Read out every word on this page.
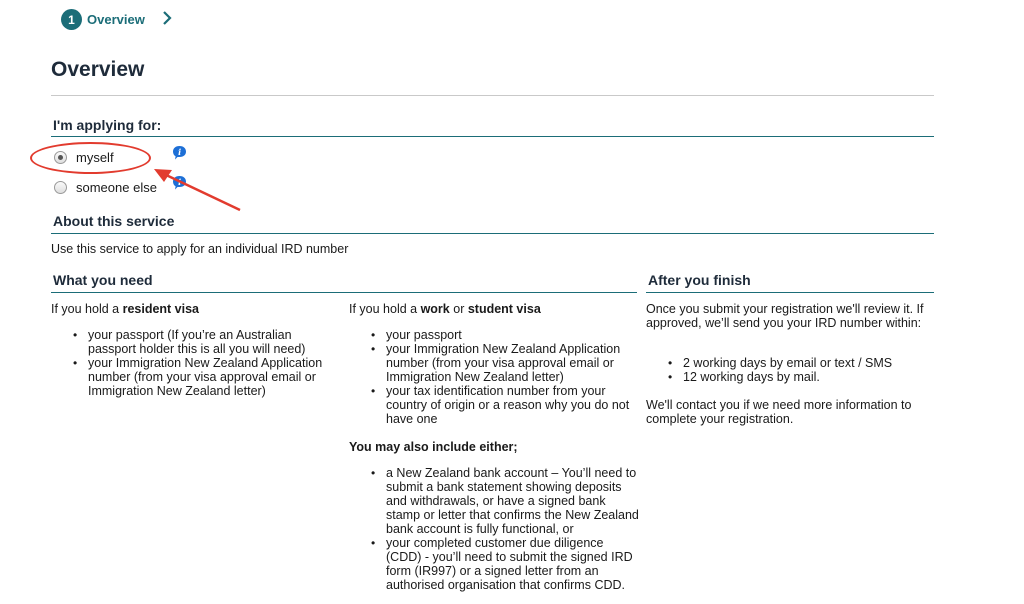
1 Overview
Overview
I'm applying for:
myself	i
someone else
About this service
Use this service to apply for an individual IRD number
What you need
If you hold a resident visa
• your passport (If you’re an Australian passport holder this is all you will need)
• your Immigration New Zealand Application number (from your visa approval email or Immigration New Zealand letter)
If you hold a work or student visa
• your passport
• your Immigration New Zealand Application number (from your visa approval email or Immigration New Zealand letter)
• your tax identification number from your country of origin or a reason why you do not have one
You may also include either;
• a New Zealand bank account – You’ll need to submit a bank statement showing deposits and withdrawals, or have a signed bank stamp or letter that confirms the New Zealand bank account is fully functional, or
• your completed customer due diligence (CDD) - you’ll need to submit the signed IRD form (IR997) or a signed letter from an authorised organisation that confirms CDD.
After you finish
Once you submit your registration we'll review it. If approved, we’ll send you your IRD number within:
• 2 working days by email or text / SMS
• 12 working days by mail.
We'll contact you if we need more information to complete your registration.
